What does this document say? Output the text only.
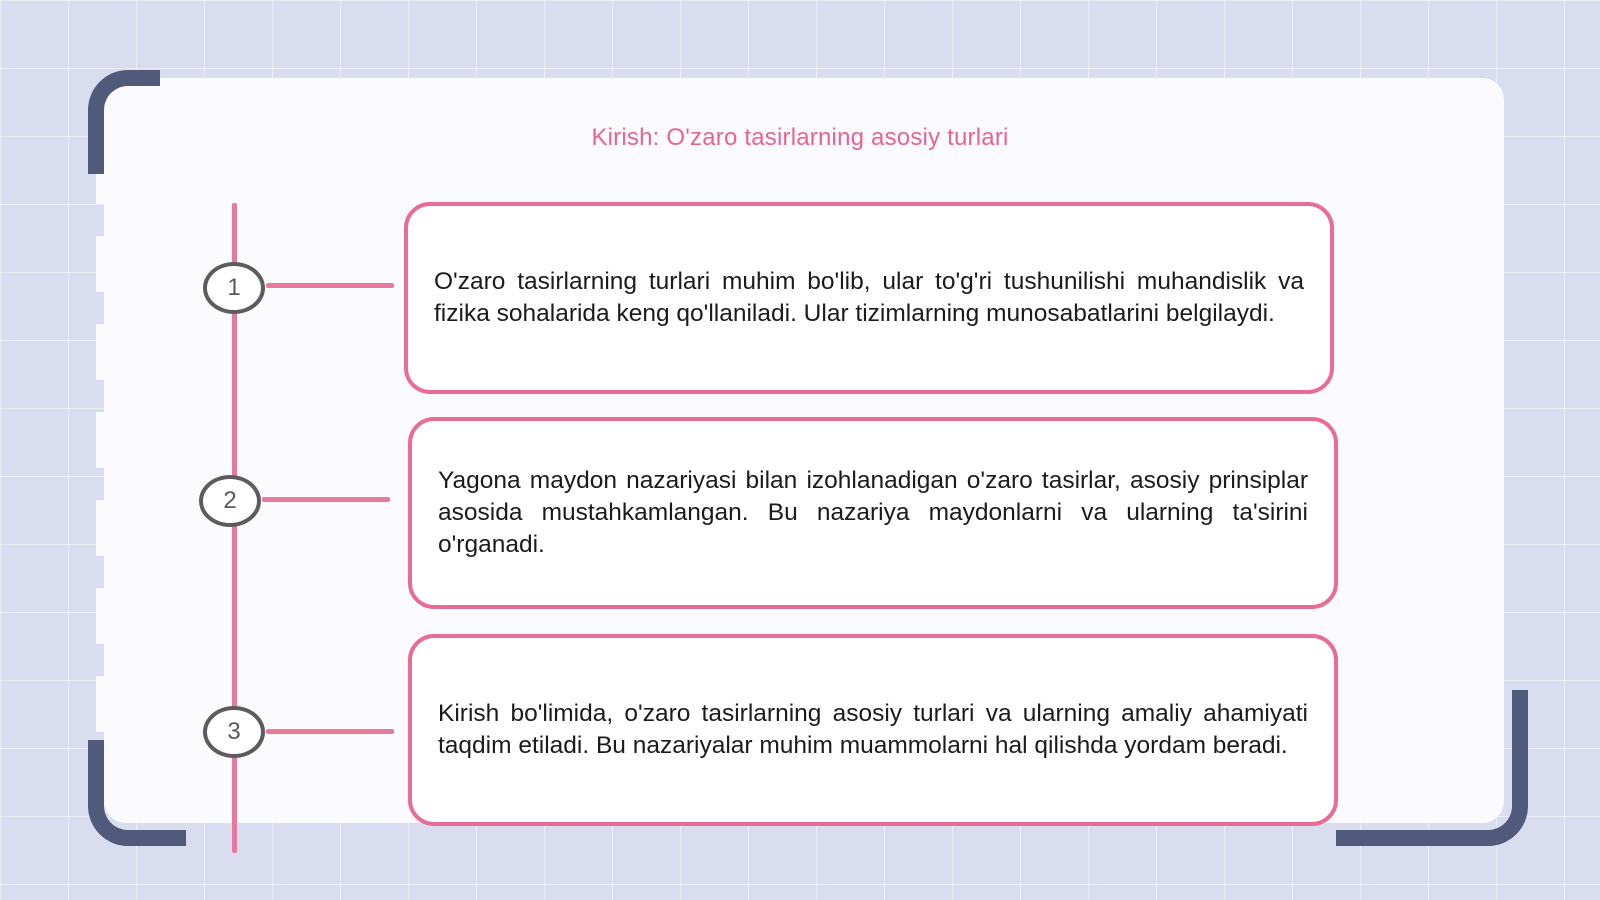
Kirish: O'zaro tasirlarning asosiy turlari
1
2
3

O'zaro tasirlarning turlari muhim bo'lib, ular to'g'ri tushunilishi muhandislik va fizika sohalarida keng qo'llaniladi. Ular tizimlarning munosabatlarini belgilaydi.

Yagona maydon nazariyasi bilan izohlanadigan o'zaro tasirlar, asosiy prinsiplar asosida mustahkamlangan. Bu nazariya maydonlarni va ularning ta'sirini o'rganadi.

Kirish bo'limida, o'zaro tasirlarning asosiy turlari va ularning amaliy ahamiyati taqdim etiladi. Bu nazariyalar muhim muammolarni hal qilishda yordam beradi.
